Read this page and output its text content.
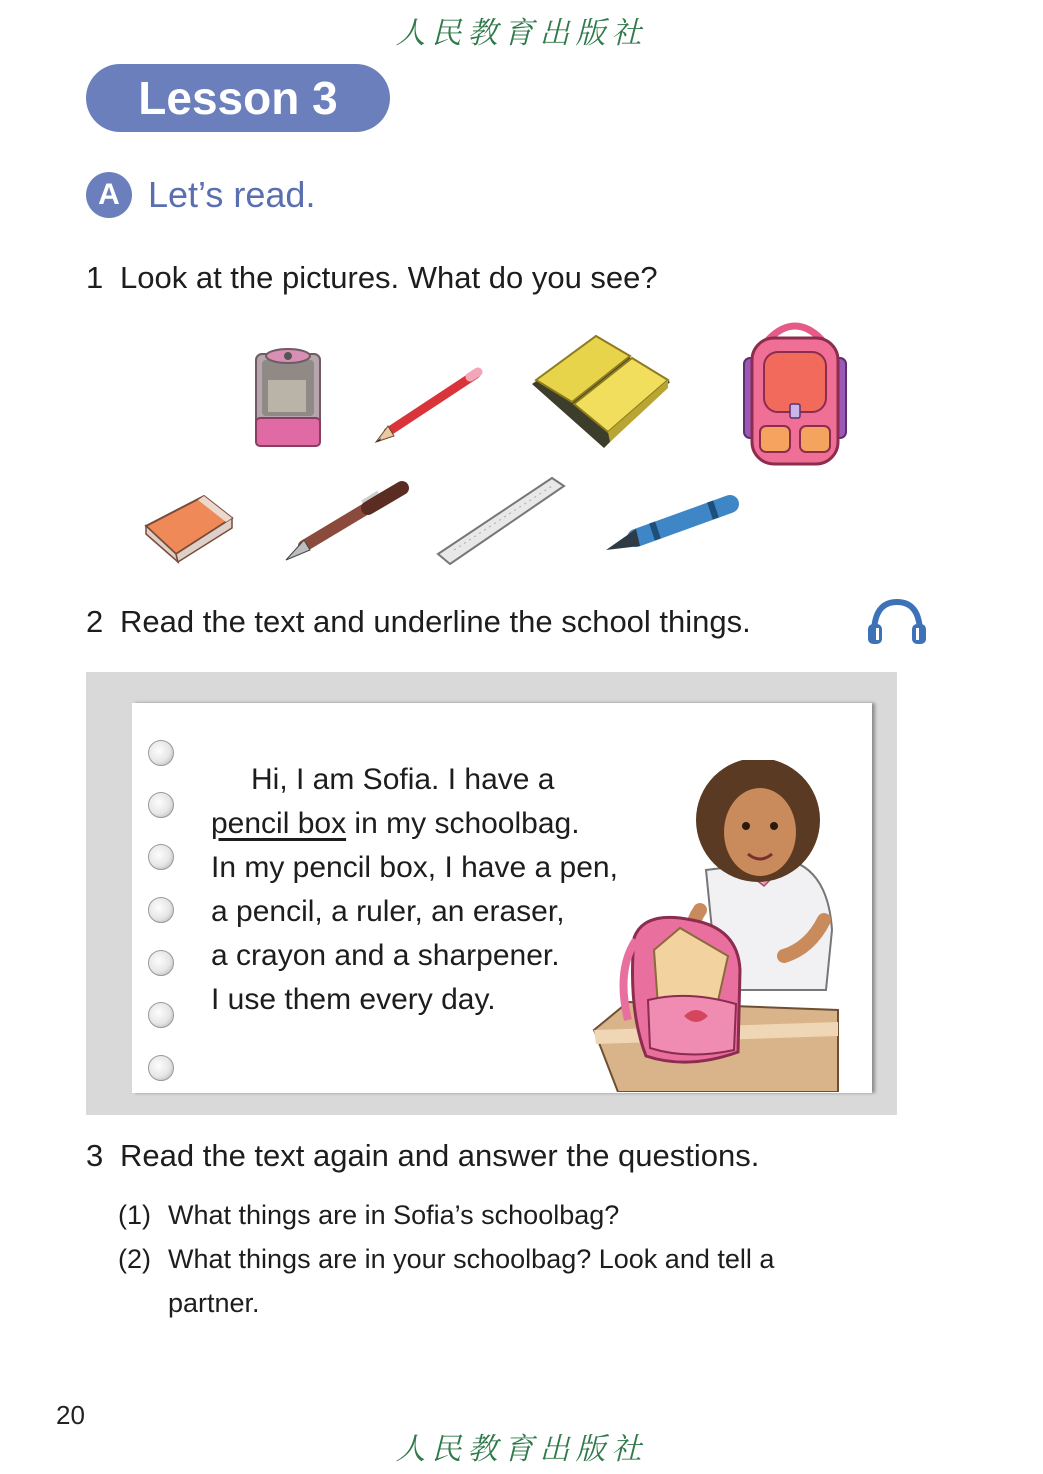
人民教育出版社
Lesson 3
A Let’s read.
1 Look at the pictures. What do you see?
2 Read the text and underline the school things.
Hi, I am Sofia. I have a
pencil box in my schoolbag.
In my pencil box, I have a pen,
a pencil, a ruler, an eraser,
a crayon and a sharpener.
I use them every day.
3 Read the text again and answer the questions.
(1) What things are in Sofia’s schoolbag?
(2) What things are in your schoolbag? Look and tell a
partner.
20
人民教育出版社
